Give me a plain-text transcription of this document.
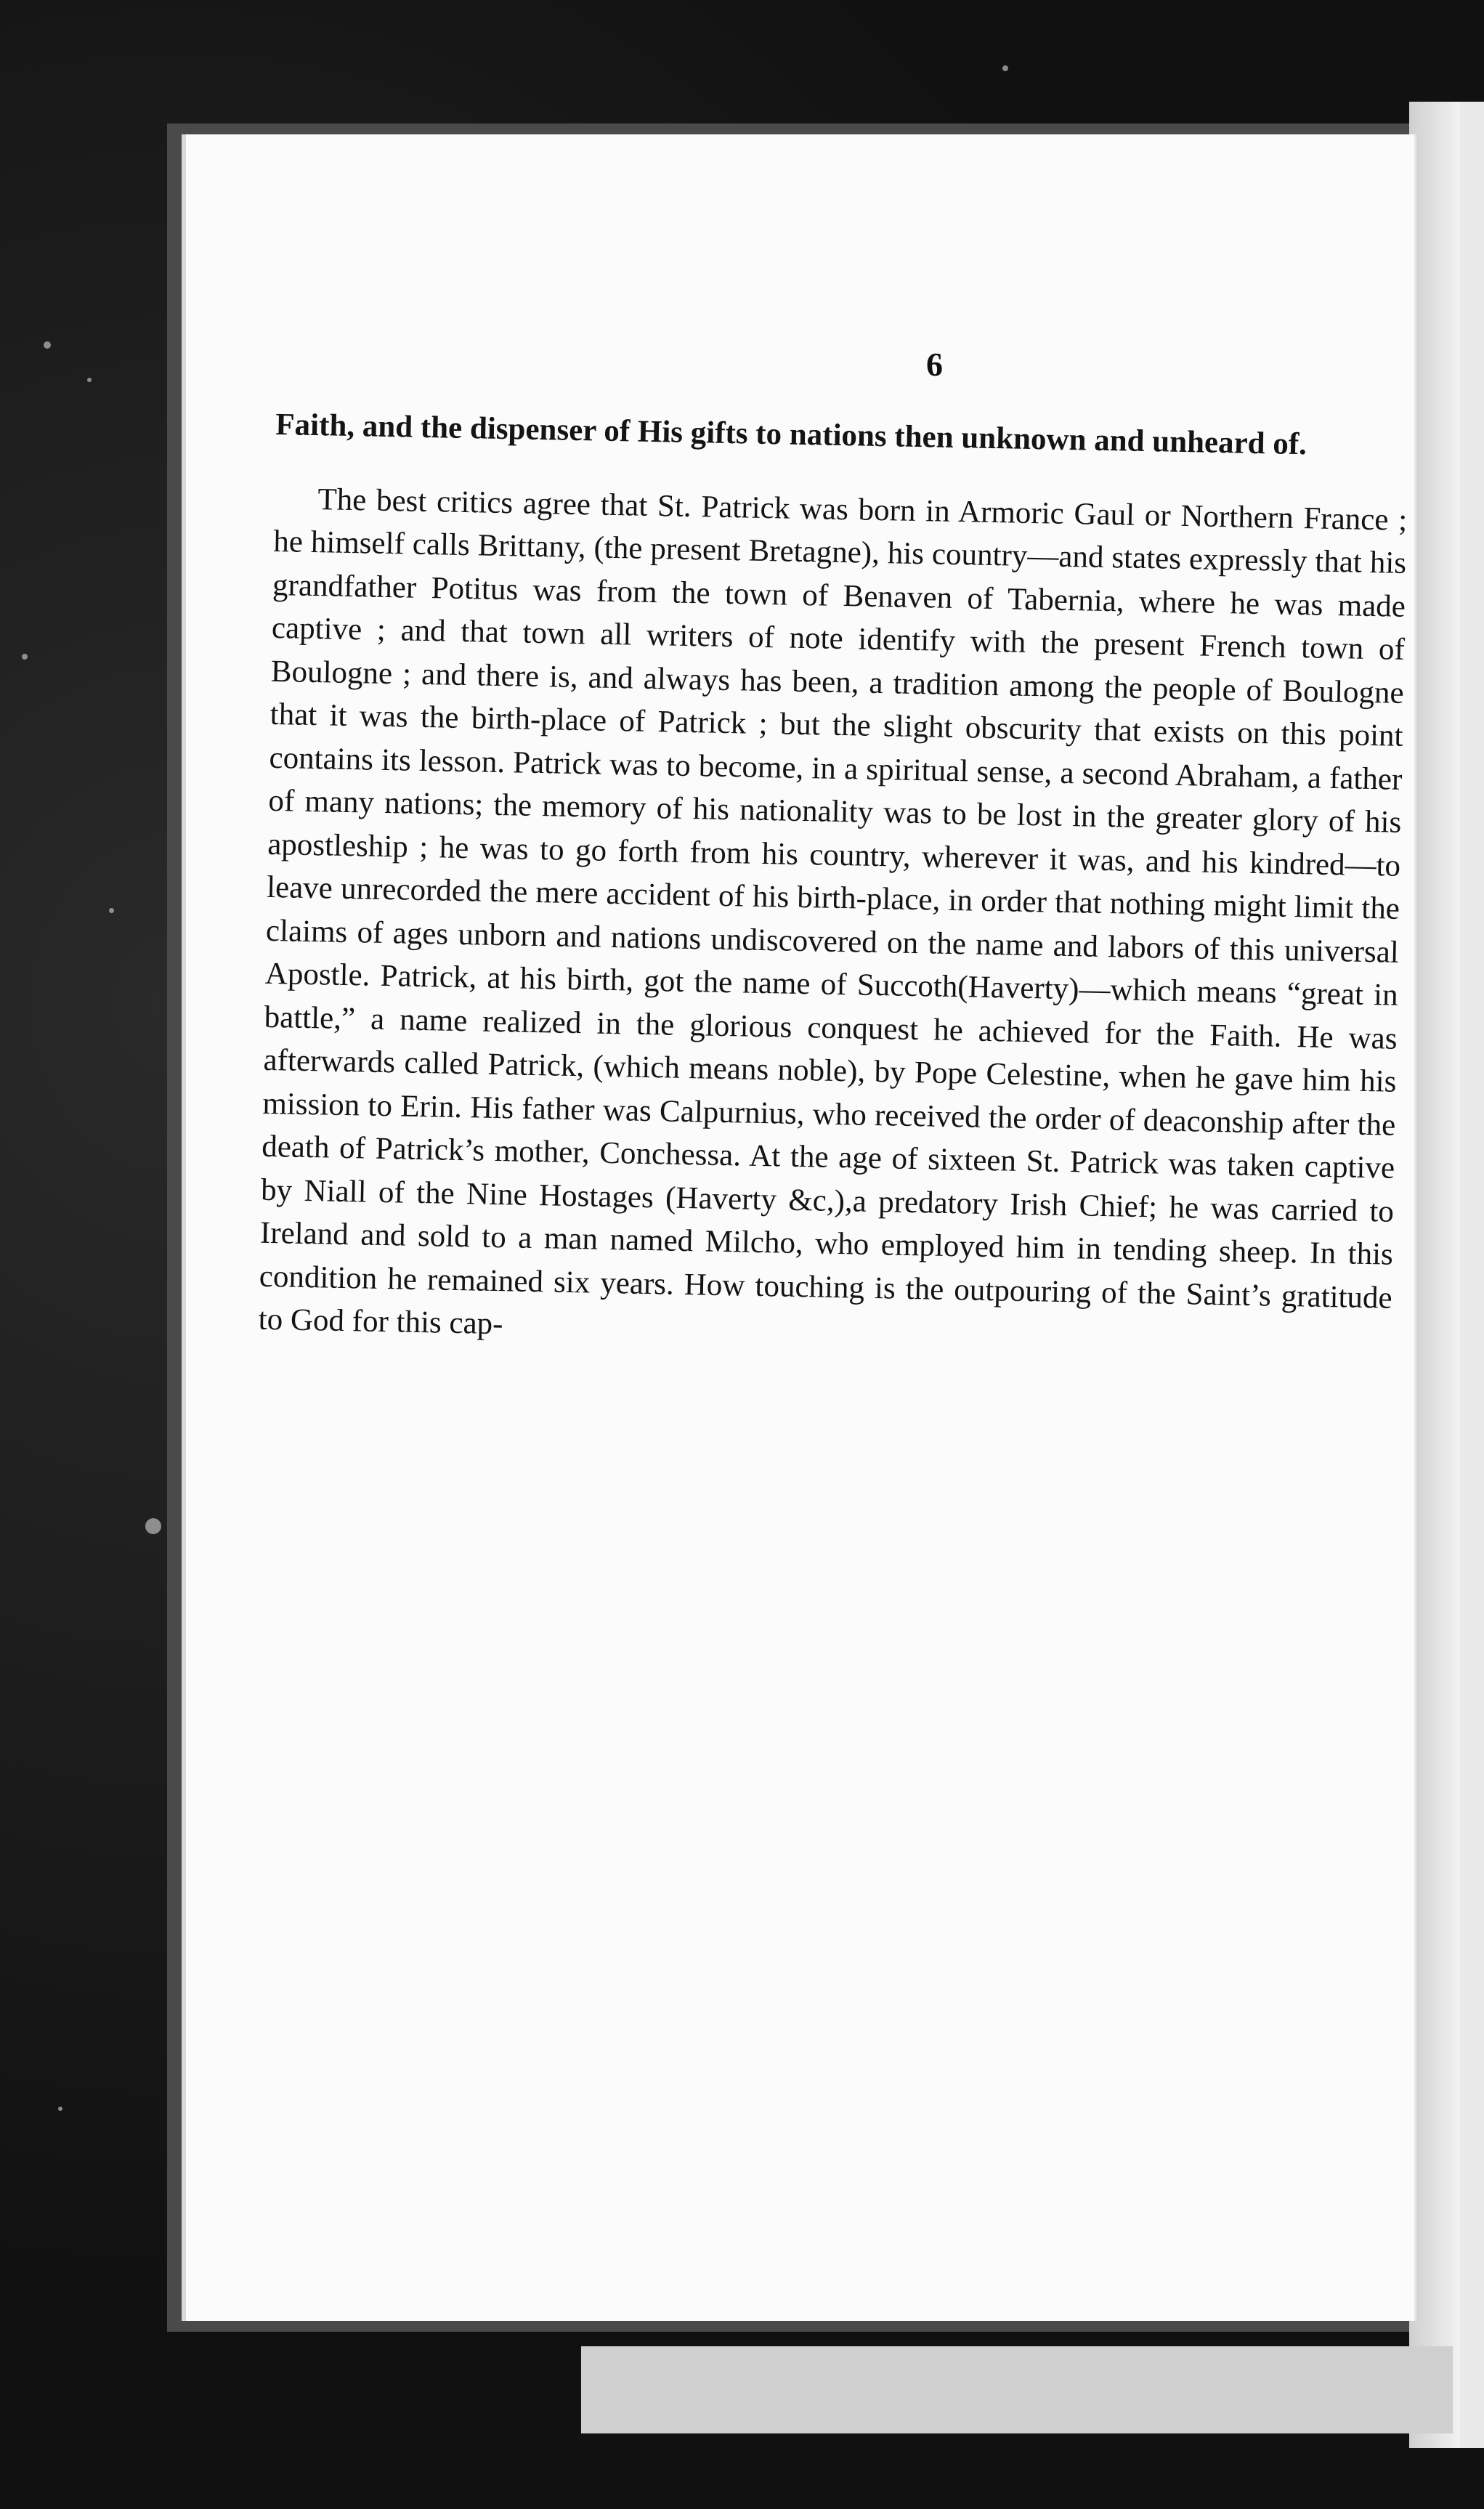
6

Faith, and the dispenser of His gifts to nations then unknown and unheard of.

The best critics agree that St. Patrick was born in Armoric Gaul or Northern France ; he himself calls Brittany, (the present Bretagne), his country—and states expressly that his grandfather Potitus was from the town of Benaven of Tabernia, where he was made captive ; and that town all writers of note identify with the present French town of Boulogne ; and there is, and always has been, a tradition among the people of Boulogne that it was the birth-place of Patrick ; but the slight obscurity that exists on this point contains its lesson. Patrick was to become, in a spiritual sense, a second Abraham, a father of many nations; the memory of his nationality was to be lost in the greater glory of his apostleship ; he was to go forth from his country, wherever it was, and his kindred—to leave unrecorded the mere accident of his birth-place, in order that nothing might limit the claims of ages unborn and nations undiscovered on the name and labors of this universal Apostle. Patrick, at his birth, got the name of Succoth(Haverty)—which means “great in battle,” a name realized in the glorious conquest he achieved for the Faith. He was afterwards called Patrick, (which means noble), by Pope Celestine, when he gave him his mission to Erin. His father was Calpurnius, who received the order of deaconship after the death of Patrick’s mother, Conchessa. At the age of sixteen St. Patrick was taken captive by Niall of the Nine Hostages (Haverty &c,),a predatory Irish Chief; he was carried to Ireland and sold to a man named Milcho, who employed him in tending sheep. In this condition he remained six years. How touching is the outpouring of the Saint’s gratitude to God for this cap-
